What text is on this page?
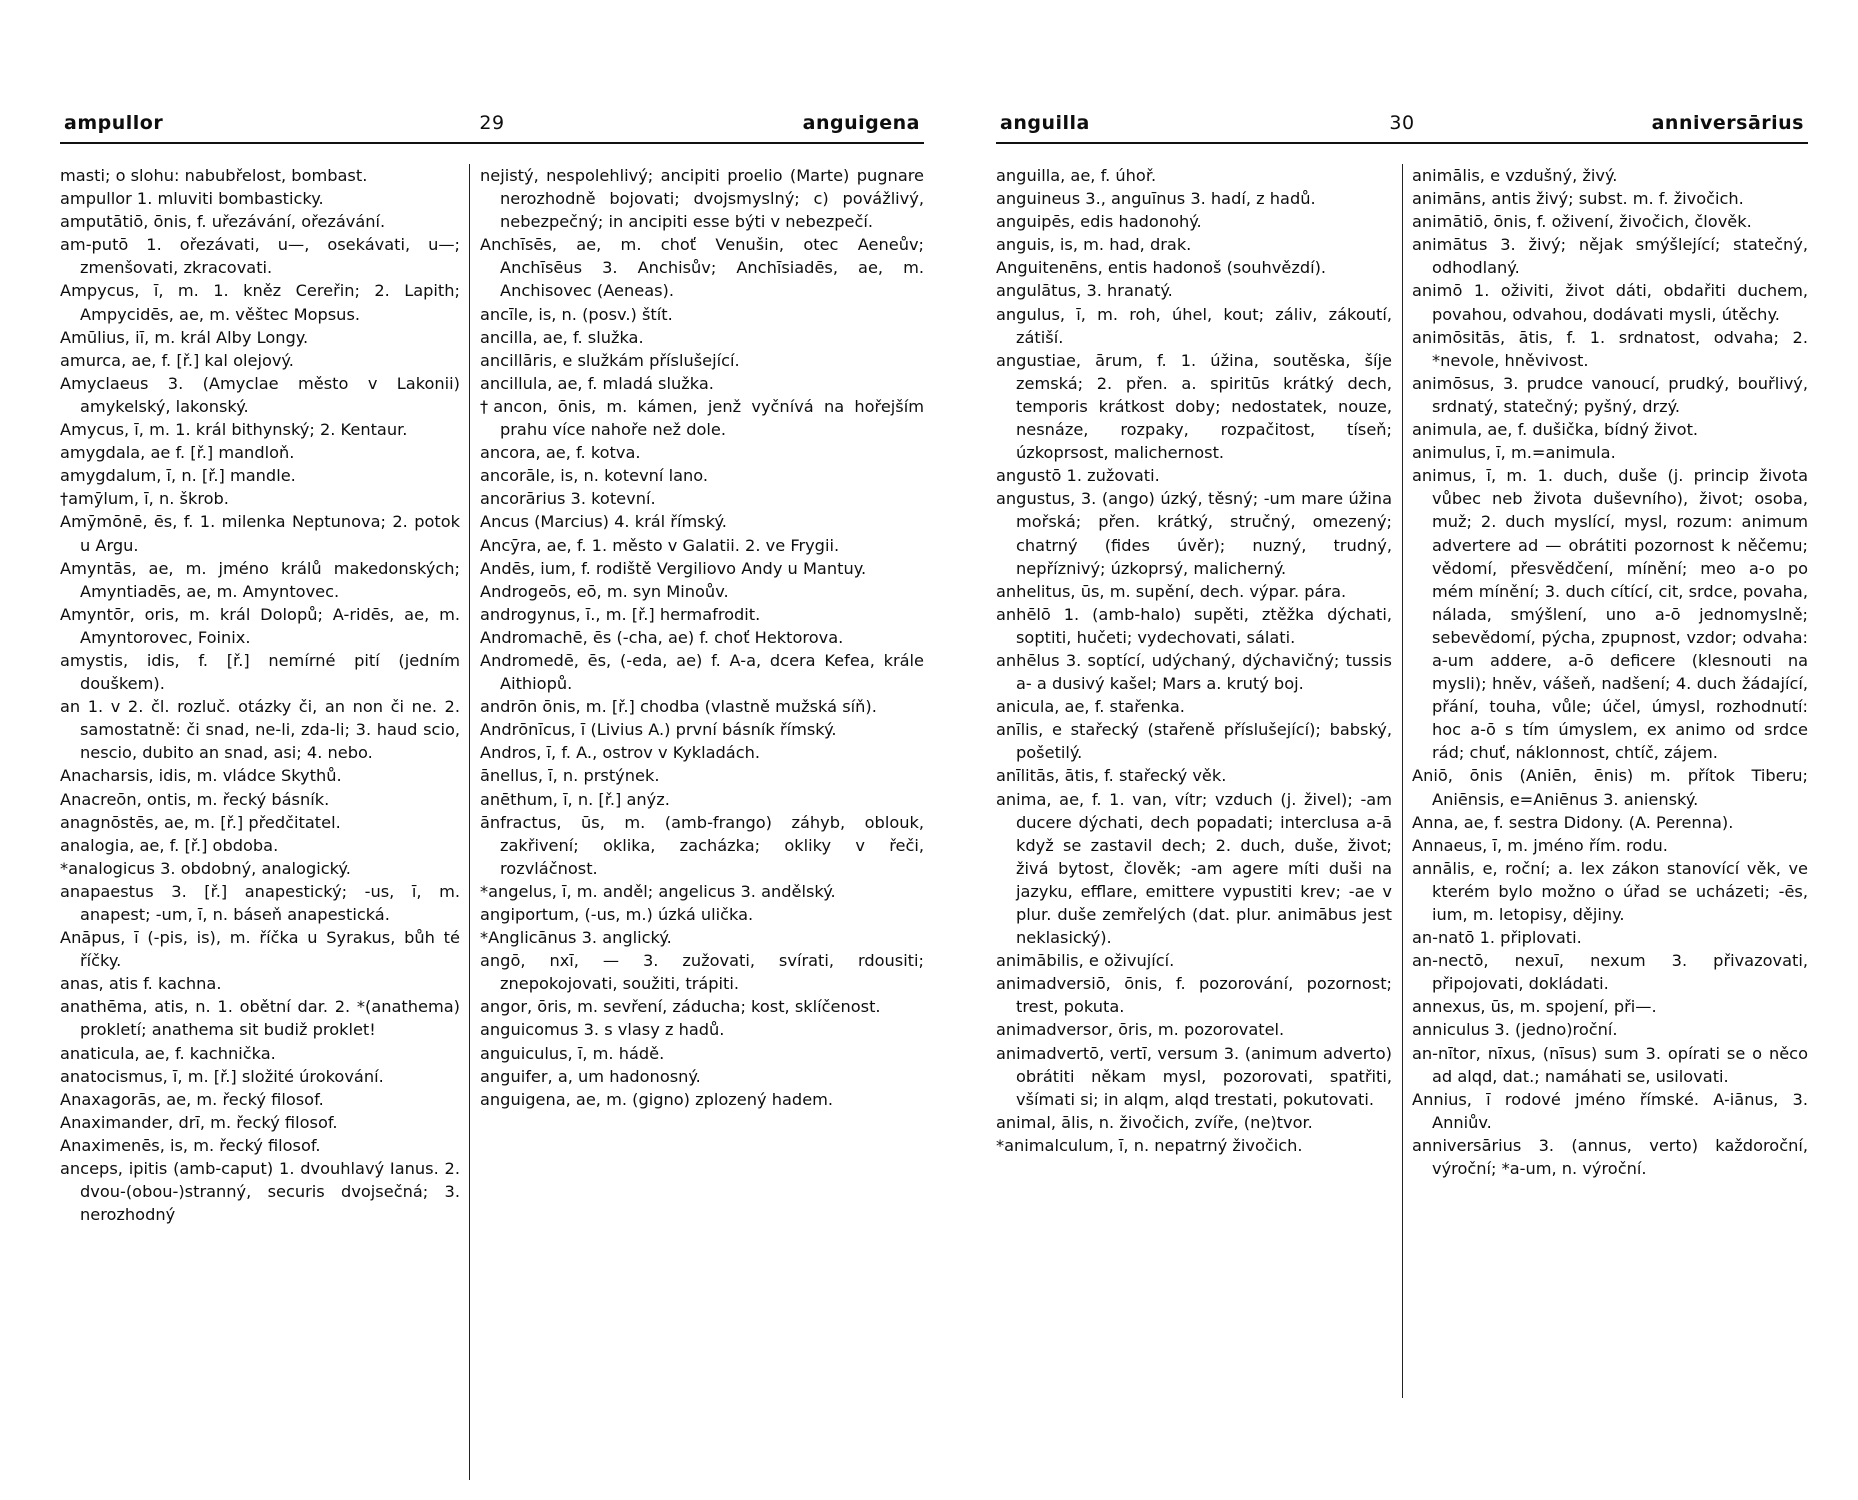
ampullor	29	anguigena

masti; o slohu: nabubřelost, bombast.

ampullor 1. mluviti bombasticky.

amputātiō, ōnis, f. uřezávání, ořezávání.

am-putō 1. ořezávati, u—, osekávati, u—; zmenšovati, zkracovati.

Ampycus, ī, m. 1. kněz Cereřin; 2. Lapith; Ampycidēs, ae, m. věštec Mopsus.

Amūlius, iī, m. král Alby Longy.

amurca, ae, f. [ř.] kal olejový.

Amyclaeus 3. (Amyclae město v Lakonii) amykelský, lakonský.

Amycus, ī, m. 1. král bithynský; 2. Kentaur.

amygdala, ae f. [ř.] mandloň.

amygdalum, ī, n. [ř.] mandle.

†amȳlum, ī, n. škrob.

Amȳmōnē, ēs, f. 1. milenka Neptunova; 2. potok u Argu.

Amyntās, ae, m. jméno králů makedonských; Amyntiadēs, ae, m. Amyntovec.

Amyntōr, oris, m. král Dolopů; A-ridēs, ae, m. Amyntorovec, Foinix.

amystis, idis, f. [ř.] nemírné pití (jedním douškem).

an 1. v 2. čl. rozluč. otázky či, an non či ne. 2. samostatně: či snad, ne-li, zda-li; 3. haud scio, nescio, dubito an snad, asi; 4. nebo.

Anacharsis, idis, m. vládce Skythů.

Anacreōn, ontis, m. řecký básník.

anagnōstēs, ae, m. [ř.] předčitatel.

analogia, ae, f. [ř.] obdoba.

*analogicus 3. obdobný, analogický.

anapaestus 3. [ř.] anapestický; -us, ī, m. anapest; -um, ī, n. báseň anapestická.

Anāpus, ī (-pis, is), m. říčka u Syrakus, bůh té říčky.

anas, atis f. kachna.

anathēma, atis, n. 1. obětní dar. 2. *(anathema) prokletí; anathema sit budiž proklet!

anaticula, ae, f. kachnička.

anatocismus, ī, m. [ř.] složité úrokování.

Anaxagorās, ae, m. řecký filosof.

Anaximander, drī, m. řecký filosof.

Anaximenēs, is, m. řecký filosof.

anceps, ipitis (amb-caput) 1. dvouhlavý Ianus. 2. dvou-(obou-)stranný, securis dvojsečná; 3. nerozhodný

nejistý, nespolehlivý; ancipiti proelio (Marte) pugnare nerozhodně bojovati; dvojsmyslný; c) povážlivý, nebezpečný; in ancipiti esse býti v nebezpečí.

Anchīsēs, ae, m. choť Venušin, otec Aeneův; Anchīsēus 3. Anchisův; Anchīsiadēs, ae, m. Anchisovec (Aeneas).

ancīle, is, n. (posv.) štít.

ancilla, ae, f. služka.

ancillāris, e služkám příslušející.

ancillula, ae, f. mladá služka.

†ancon, ōnis, m. kámen, jenž vyčnívá na hořejším prahu více nahoře než dole.

ancora, ae, f. kotva.

ancorāle, is, n. kotevní lano.

ancorārius 3. kotevní.

Ancus (Marcius) 4. král římský.

Ancȳra, ae, f. 1. město v Galatii. 2. ve Frygii.

Andēs, ium, f. rodiště Vergiliovo Andy u Mantuy.

Androgeōs, eō, m. syn Minoův.

androgynus, ī., m. [ř.] hermafrodit.

Andromachē, ēs (-cha, ae) f. choť Hektorova.

Andromedē, ēs, (-eda, ae) f. A-a, dcera Kefea, krále Aithiopů.

andrōn ōnis, m. [ř.] chodba (vlastně mužská síň).

Andrōnīcus, ī (Livius A.) první básník římský.

Andros, ī, f. A., ostrov v Kykladách.

ānellus, ī, n. prstýnek.

anēthum, ī, n. [ř.] anýz.

ānfractus, ūs, m. (amb-frango) záhyb, oblouk, zakřivení; oklika, zacházka; okliky v řeči, rozvláčnost.

*angelus, ī, m. anděl; angelicus 3. andělský.

angiportum, (-us, m.) úzká ulička.

*Anglicānus 3. anglický.

angō, nxī, — 3. zužovati, svírati, rdousiti; znepokojovati, soužiti, trápiti.

angor, ōris, m. sevření, záducha; kost, sklíčenost.

anguicomus 3. s vlasy z hadů.

anguiculus, ī, m. hádě.

anguifer, a, um hadonosný.

anguigena, ae, m. (gigno) zplozený hadem.

anguilla	30	anniversārius

anguilla, ae, f. úhoř.

anguineus 3., anguīnus 3. hadí, z hadů.

anguipēs, edis hadonohý.

anguis, is, m. had, drak.

Anguitenēns, entis hadonoš (souhvězdí).

angulātus, 3. hranatý.

angulus, ī, m. roh, úhel, kout; záliv, zákoutí, zátiší.

angustiae, ārum, f. 1. úžina, soutěska, šíje zemská; 2. přen. a. spiritūs krátký dech, temporis krátkost doby; nedostatek, nouze, nesnáze, rozpaky, rozpačitost, tíseň; úzkoprsost, malichernost.

angustō 1. zužovati.

angustus, 3. (ango) úzký, těsný; -um mare úžina mořská; přen. krátký, stručný, omezený; chatrný (fides úvěr); nuzný, trudný, nepříznivý; úzkoprsý, malicherný.

anhelitus, ūs, m. supění, dech. výpar. pára.

anhēlō 1. (amb-halo) supěti, ztěžka dýchati, soptiti, hučeti; vydechovati, sálati.

anhēlus 3. soptící, udýchaný, dýchavičný; tussis a- a dusivý kašel; Mars a. krutý boj.

anicula, ae, f. stařenka.

anīlis, e stařecký (stařeně příslušející); babský, pošetilý.

anīlitās, ātis, f. stařecký věk.

anima, ae, f. 1. van, vítr; vzduch (j. živel); -am ducere dýchati, dech popadati; interclusa a-ā když se zastavil dech; 2. duch, duše, život; živá bytost, člověk; -am agere míti duši na jazyku, efflare, emittere vypustiti krev; -ae v plur. duše zemřelých (dat. plur. animābus jest neklasický).

animābilis, e oživující.

animadversiō, ōnis, f. pozorování, pozornost; trest, pokuta.

animadversor, ōris, m. pozorovatel.

animadvertō, vertī, versum 3. (animum adverto) obrátiti někam mysl, pozorovati, spatřiti, všímati si; in alqm, alqd trestati, pokutovati.

animal, ālis, n. živočich, zvíře, (ne)tvor.

*animalculum, ī, n. nepatrný živočich.

animālis, e vzdušný, živý.

animāns, antis živý; subst. m. f. živočich.

animātiō, ōnis, f. oživení, živočich, člověk.

animātus 3. živý; nějak smýšlející; statečný, odhodlaný.

animō 1. oživiti, život dáti, obdařiti duchem, povahou, odvahou, dodávati mysli, útěchy.

animōsitās, ātis, f. 1. srdnatost, odvaha; 2. *nevole, hněvivost.

animōsus, 3. prudce vanoucí, prudký, bouřlivý, srdnatý, statečný; pyšný, drzý.

animula, ae, f. dušička, bídný život.

animulus, ī, m.=animula.

animus, ī, m. 1. duch, duše (j. princip života vůbec neb života duševního), život; osoba, muž; 2. duch myslící, mysl, rozum: animum advertere ad — obrátiti pozornost k něčemu; vědomí, přesvědčení, mínění; meo a-o po mém mínění; 3. duch cítící, cit, srdce, povaha, nálada, smýšlení, uno a-ō jednomyslně; sebevědomí, pýcha, zpupnost, vzdor; odvaha: a-um addere, a-ō deficere (klesnouti na mysli); hněv, vášeň, nadšení; 4. duch žádající, přání, touha, vůle; účel, úmysl, rozhodnutí: hoc a-ō s tím úmyslem, ex animo od srdce rád; chuť, náklonnost, chtíč, zájem.

Aniō, ōnis (Aniēn, ēnis) m. přítok Tiberu; Aniēnsis, e=Aniēnus 3. anienský.

Anna, ae, f. sestra Didony. (A. Perenna).

Annaeus, ī, m. jméno řím. rodu.

annālis, e, roční; a. lex zákon stanovící věk, ve kterém bylo možno o úřad se ucházeti; -ēs, ium, m. letopisy, dějiny.

an-natō 1. připlovati.

an-nectō, nexuī, nexum 3. přivazovati, připojovati, dokládati.

annexus, ūs, m. spojení, při—.

anniculus 3. (jedno)roční.

an-nītor, nīxus, (nīsus) sum 3. opírati se o něco ad alqd, dat.; namáhati se, usilovati.

Annius, ī rodové jméno římské. A-iānus, 3. Anniův.

anniversārius 3. (annus, verto) každoroční, výroční; *a-um, n. výroční.
